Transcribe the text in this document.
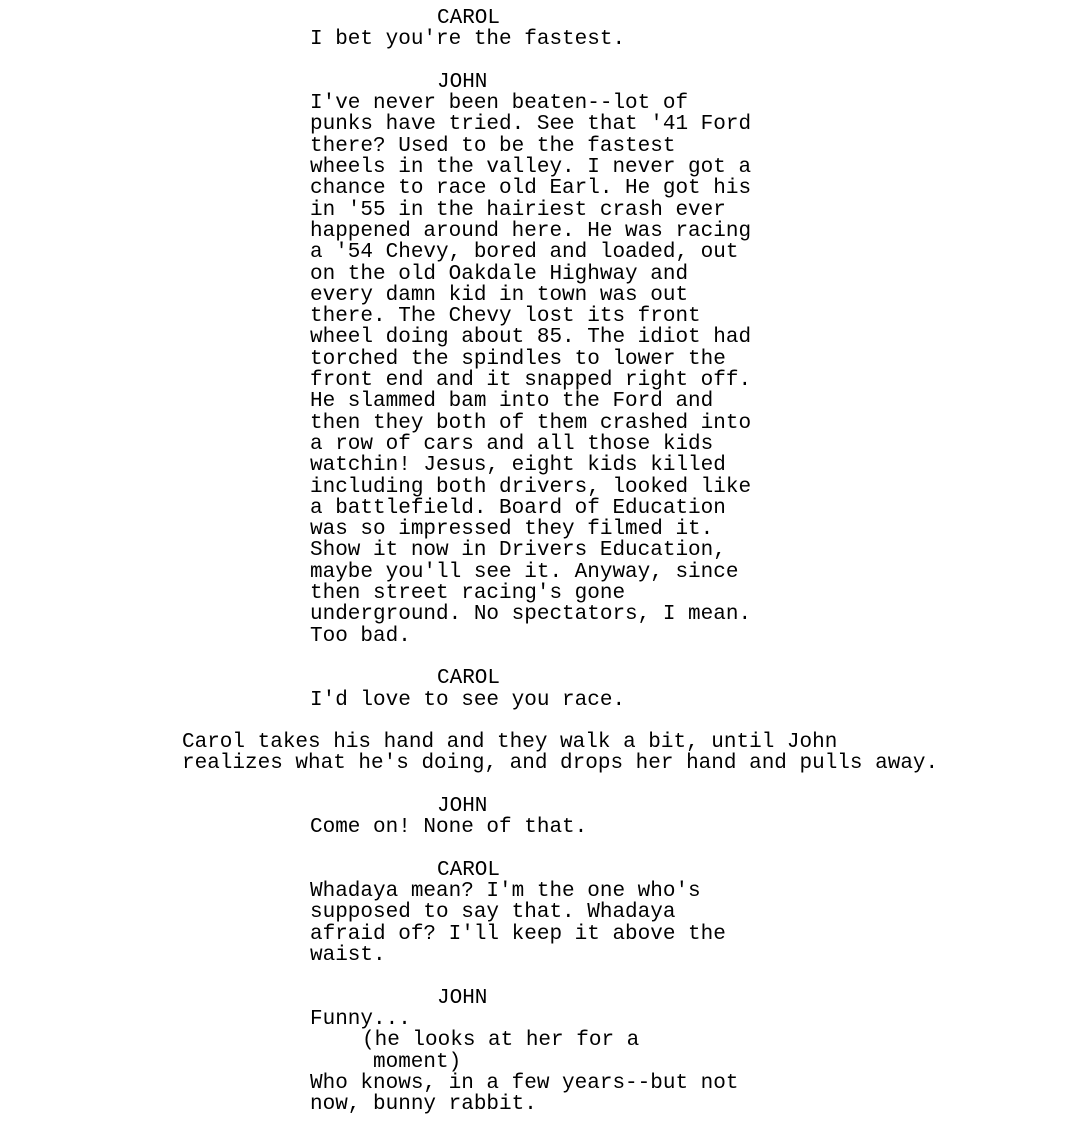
CAROL
I bet you're the fastest.
JOHN
I've never been beaten--lot of
punks have tried. See that '41 Ford
there? Used to be the fastest
wheels in the valley. I never got a
chance to race old Earl. He got his
in '55 in the hairiest crash ever
happened around here. He was racing
a '54 Chevy, bored and loaded, out
on the old Oakdale Highway and
every damn kid in town was out
there. The Chevy lost its front
wheel doing about 85. The idiot had
torched the spindles to lower the
front end and it snapped right off.
He slammed bam into the Ford and
then they both of them crashed into
a row of cars and all those kids
watchin! Jesus, eight kids killed
including both drivers, looked like
a battlefield. Board of Education
was so impressed they filmed it.
Show it now in Drivers Education,
maybe you'll see it. Anyway, since
then street racing's gone
underground. No spectators, I mean.
Too bad.
CAROL
I'd love to see you race.
Carol takes his hand and they walk a bit, until John
realizes what he's doing, and drops her hand and pulls away.
JOHN
Come on! None of that.
CAROL
Whadaya mean? I'm the one who's
supposed to say that. Whadaya
afraid of? I'll keep it above the
waist.
JOHN
Funny...
(he looks at her for a
moment)
Who knows, in a few years--but not
now, bunny rabbit.
